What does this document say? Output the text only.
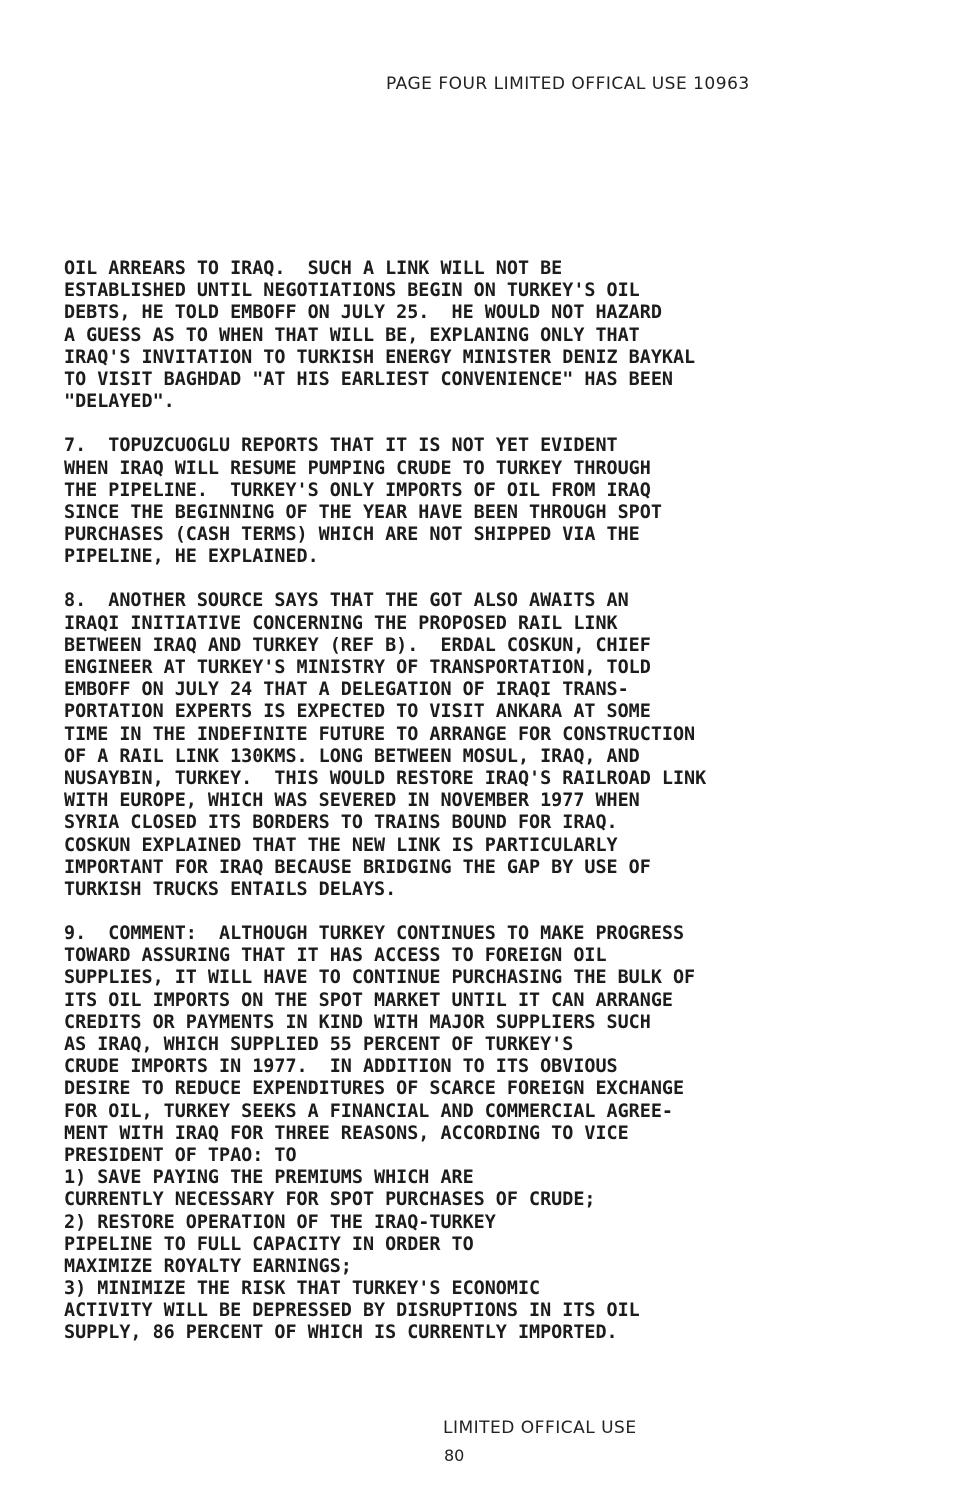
PAGE FOUR LIMITED OFFICAL USE 10963
OIL ARREARS TO IRAQ.  SUCH A LINK WILL NOT BE
ESTABLISHED UNTIL NEGOTIATIONS BEGIN ON TURKEY'S OIL
DEBTS, HE TOLD EMBOFF ON JULY 25.  HE WOULD NOT HAZARD
A GUESS AS TO WHEN THAT WILL BE, EXPLANING ONLY THAT
IRAQ'S INVITATION TO TURKISH ENERGY MINISTER DENIZ BAYKAL
TO VISIT BAGHDAD "AT HIS EARLIEST CONVENIENCE" HAS BEEN
"DELAYED".
7.  TOPUZCUOGLU REPORTS THAT IT IS NOT YET EVIDENT
WHEN IRAQ WILL RESUME PUMPING CRUDE TO TURKEY THROUGH
THE PIPELINE.  TURKEY'S ONLY IMPORTS OF OIL FROM IRAQ
SINCE THE BEGINNING OF THE YEAR HAVE BEEN THROUGH SPOT
PURCHASES (CASH TERMS) WHICH ARE NOT SHIPPED VIA THE
PIPELINE, HE EXPLAINED.
8.  ANOTHER SOURCE SAYS THAT THE GOT ALSO AWAITS AN
IRAQI INITIATIVE CONCERNING THE PROPOSED RAIL LINK
BETWEEN IRAQ AND TURKEY (REF B).  ERDAL COSKUN, CHIEF
ENGINEER AT TURKEY'S MINISTRY OF TRANSPORTATION, TOLD
EMBOFF ON JULY 24 THAT A DELEGATION OF IRAQI TRANS-
PORTATION EXPERTS IS EXPECTED TO VISIT ANKARA AT SOME
TIME IN THE INDEFINITE FUTURE TO ARRANGE FOR CONSTRUCTION
OF A RAIL LINK 130KMS. LONG BETWEEN MOSUL, IRAQ, AND
NUSAYBIN, TURKEY.  THIS WOULD RESTORE IRAQ'S RAILROAD LINK
WITH EUROPE, WHICH WAS SEVERED IN NOVEMBER 1977 WHEN
SYRIA CLOSED ITS BORDERS TO TRAINS BOUND FOR IRAQ.
COSKUN EXPLAINED THAT THE NEW LINK IS PARTICULARLY
IMPORTANT FOR IRAQ BECAUSE BRIDGING THE GAP BY USE OF
TURKISH TRUCKS ENTAILS DELAYS.
9.  COMMENT:  ALTHOUGH TURKEY CONTINUES TO MAKE PROGRESS
TOWARD ASSURING THAT IT HAS ACCESS TO FOREIGN OIL
SUPPLIES, IT WILL HAVE TO CONTINUE PURCHASING THE BULK OF
ITS OIL IMPORTS ON THE SPOT MARKET UNTIL IT CAN ARRANGE
CREDITS OR PAYMENTS IN KIND WITH MAJOR SUPPLIERS SUCH
AS IRAQ, WHICH SUPPLIED 55 PERCENT OF TURKEY'S
CRUDE IMPORTS IN 1977.  IN ADDITION TO ITS OBVIOUS
DESIRE TO REDUCE EXPENDITURES OF SCARCE FOREIGN EXCHANGE
FOR OIL, TURKEY SEEKS A FINANCIAL AND COMMERCIAL AGREE-
MENT WITH IRAQ FOR THREE REASONS, ACCORDING TO VICE
PRESIDENT OF TPAO: TO
1) SAVE PAYING THE PREMIUMS WHICH ARE
CURRENTLY NECESSARY FOR SPOT PURCHASES OF CRUDE;
2) RESTORE OPERATION OF THE IRAQ-TURKEY
PIPELINE TO FULL CAPACITY IN ORDER TO
MAXIMIZE ROYALTY EARNINGS;
3) MINIMIZE THE RISK THAT TURKEY'S ECONOMIC
ACTIVITY WILL BE DEPRESSED BY DISRUPTIONS IN ITS OIL
SUPPLY, 86 PERCENT OF WHICH IS CURRENTLY IMPORTED.
LIMITED OFFICAL USE
80
